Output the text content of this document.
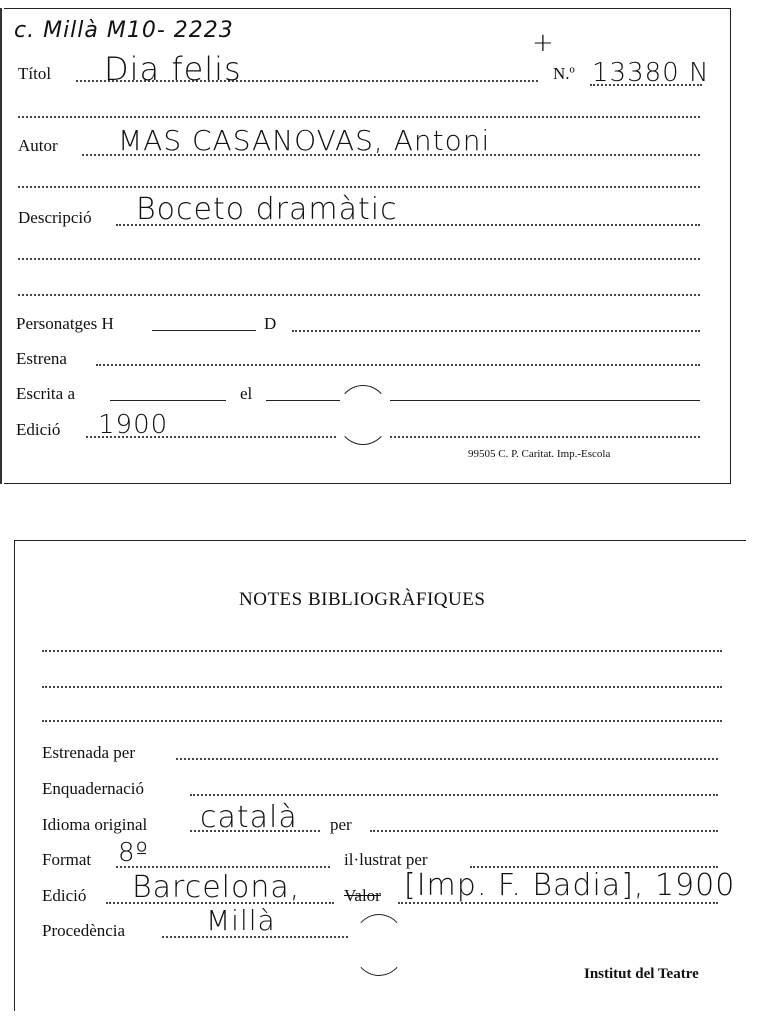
c. Millà M10- 2223	+
Títol Dia felis	N.º 13380 N
Autor MAS CASANOVAS, Antoni
Descripció Boceto dramàtic
Personatges H	D
Estrena
Escrita a	el
Edició 1900
99505 C. P. Caritat. Imp.-Escola
NOTES BIBLIOGRÀFIQUES
Estrenada per
Enquadernació
Idioma original català per
Format 8º	il·lustrat per
Edició Barcelona,	Valor [Imp. F. Badia], 1900
Procedència	Millà
Institut del Teatre
